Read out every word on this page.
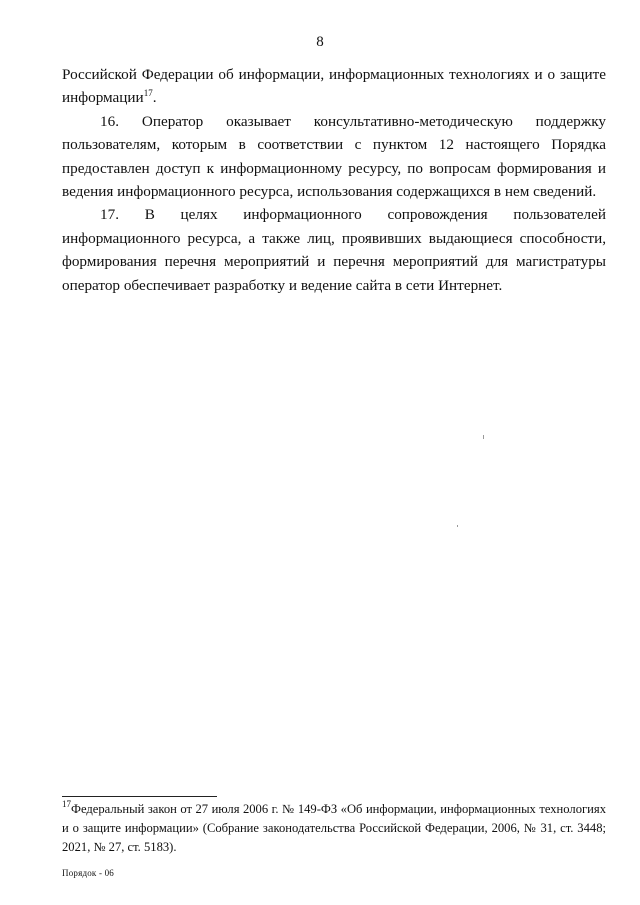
8

Российской Федерации об информации, информационных технологиях и о защите информации$^{17}$.

16. Оператор оказывает консультативно-методическую поддержку пользователям, которым в соответствии с пунктом 12 настоящего Порядка предоставлен доступ к информационному ресурсу, по вопросам формирования и ведения информационного ресурса, использования содержащихся в нем сведений.

17. В целях информационного сопровождения пользователей информационного ресурса, а также лиц, проявивших выдающиеся способности, формирования перечня мероприятий и перечня мероприятий для магистратуры оператор обеспечивает разработку и ведение сайта в сети Интернет.

$^{17}$Федеральный закон от 27 июля 2006 г. № 149-ФЗ «Об информации, информационных технологиях и о защите информации» (Собрание законодательства Российской Федерации, 2006, № 31, ст. 3448; 2021, № 27, ст. 5183).
Порядок - 06
